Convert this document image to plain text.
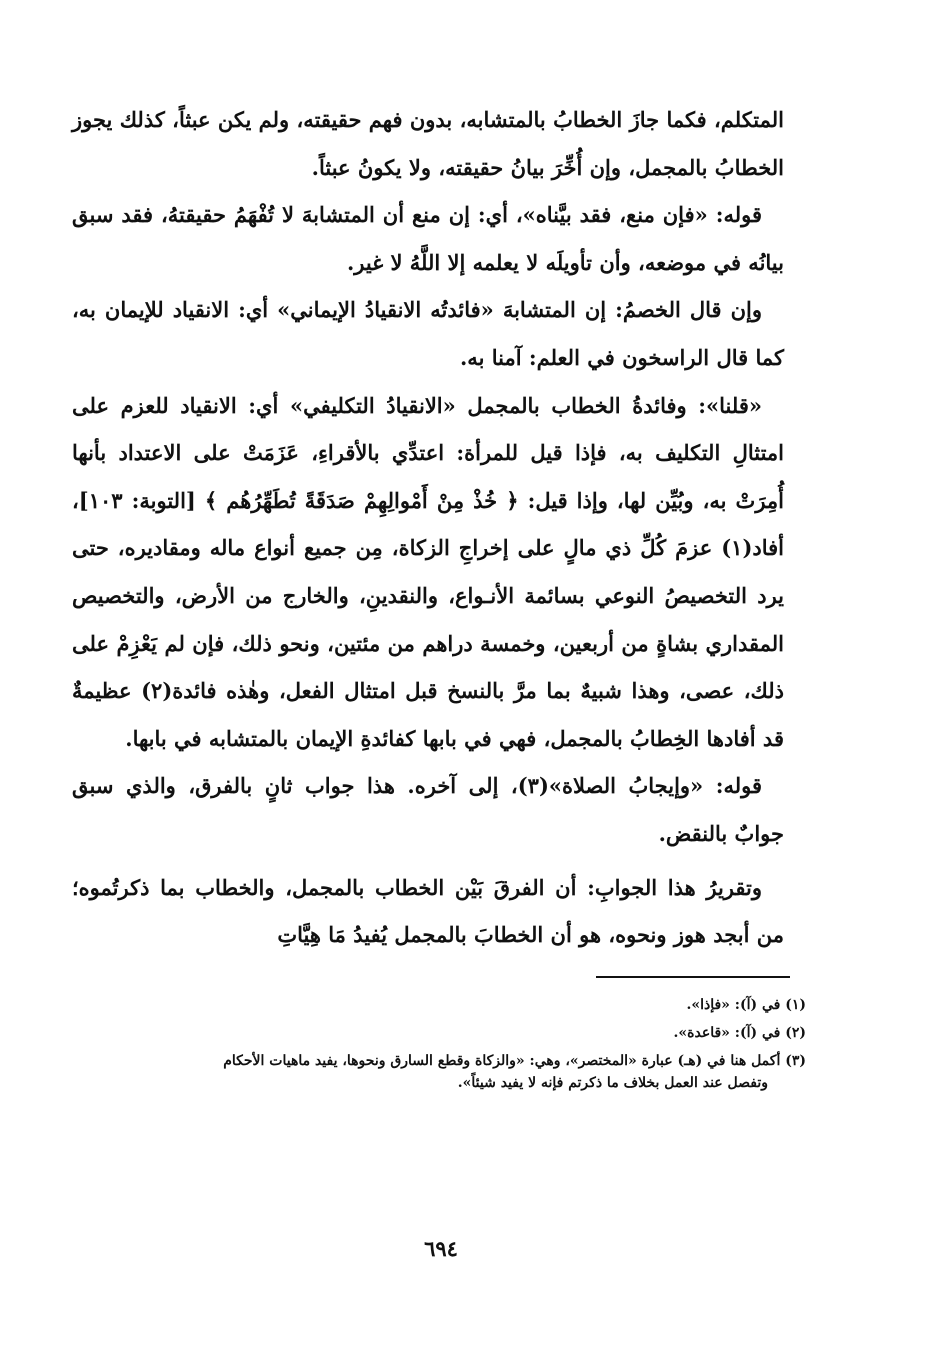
المتكلم، فكما جازَ الخطابُ بالمتشابه، بدون فهم حقيقته، ولم يكن عبثاً، كذلك يجوز الخطابُ بالمجمل، وإن أُخِّرَ بيانُ حقيقته، ولا يكونُ عبثاً.

قوله: «فإن منع، فقد بيَّناه»، أي: إن منع أن المتشابهَ لا تُفْهَمُ حقيقتهُ، فقد سبق بيانُه في موضعه، وأن تأويلَه لا يعلمه إلا اللَّهُ لا غير.

وإن قال الخصمُ: إن المتشابهَ «فائدتُه الانقيادُ الإيماني» أي: الانقياد للإيمان به، كما قال الراسخون في العلم: آمنا به.

«قلنا»: وفائدةُ الخطاب بالمجمل «الانقيادُ التكليفي» أي: الانقياد للعزم على امتثالِ التكليف به، فإذا قيل للمرأة: اعتدِّي بالأقراءِ، عَزَمَتْ على الاعتداد بأنها أُمِرَتْ به، وبُيِّن لها، وإذا قيل: ﴿ خُذْ مِنْ أَمْوالِهِمْ صَدَقَةً تُطَهِّرُهُم ﴾ [التوبة: ١٠٣]، أفاد(١) عزمَ كُلِّ ذي مالٍ على إخراجِ الزكاة، مِن جميع أنواع ماله ومقاديره، حتى يرد التخصيصُ النوعي بسائمة الأنـواع، والنقدينِ، والخارج من الأرض، والتخصيص المقداري بشاةٍ من أربعين، وخمسة دراهم من مئتين، ونحو ذلك، فإن لم يَعْزِمْ على ذلك، عصى، وهذا شبيهٌ بما مرَّ بالنسخ قبل امتثال الفعل، وهٰذه فائدة(٢) عظيمةٌ قد أفادها الخِطابُ بالمجمل، فهي في بابها كفائدةِ الإيمان بالمتشابه في بابها.

قوله: «وإيجابُ الصلاة»(٣)، إلى آخره. هذا جواب ثانٍ بالفرق، والذي سبق جوابٌ بالنقض.

وتقريرُ هذا الجوابِ: أن الفرقَ بَيْن الخطاب بالمجمل، والخطاب بما ذكرتُموه؛ من أبجد هوز ونحوه، هو أن الخطابَ بالمجمل يُفيدُ مَا هِيَّاتِ

(١) في (آ): «فإذا».
(٢) في (آ): «قاعدة».
(٣) أكمل هنا في (هـ) عبارة «المختصر»، وهي: «والزكاة وقطع السارق ونحوها، يفيد ماهيات الأحكام
وتفصل عند العمل بخلاف ما ذكرتم فإنه لا يفيد شيئاً».
٦٩٤
